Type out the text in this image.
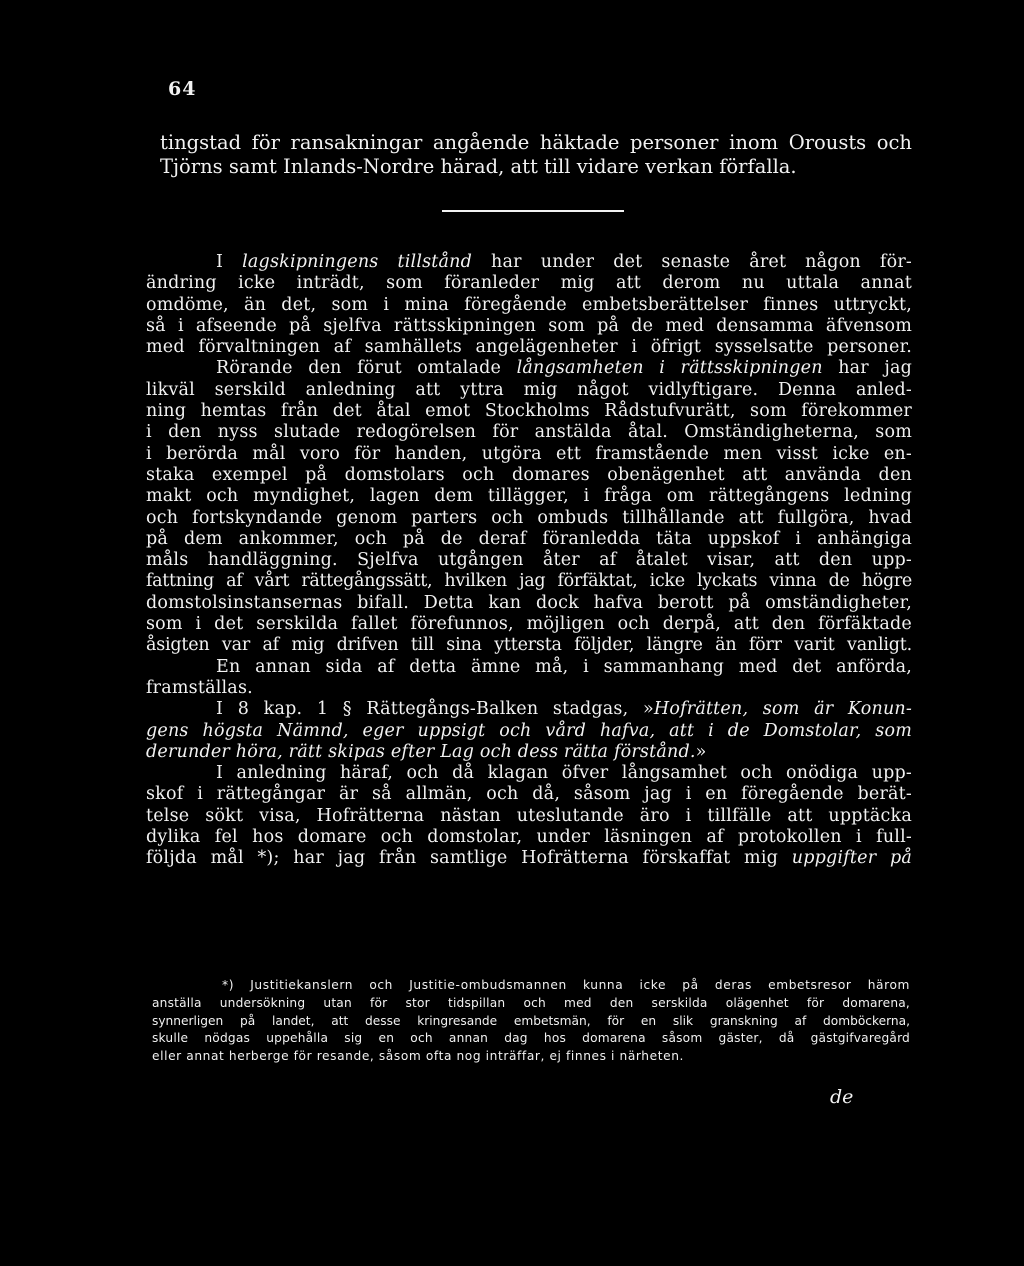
64
tingstad för ransakningar angående häktade personer inom Orousts och
Tjörns samt Inlands-Nordre härad, att till vidare verkan förfalla.
I lagskipningens tillstånd har under det senaste året någon för-
ändring icke inträdt, som föranleder mig att derom nu uttala annat
omdöme, än det, som i mina föregående embetsberättelser finnes uttryckt,
så i afseende på sjelfva rättsskipningen som på de med densamma äfvensom
med förvaltningen af samhällets angelägenheter i öfrigt sysselsatte personer.
Rörande den förut omtalade långsamheten i rättsskipningen har jag
likväl serskild anledning att yttra mig något vidlyftigare. Denna anled-
ning hemtas från det åtal emot Stockholms Rådstufvurätt, som förekommer
i den nyss slutade redogörelsen för anstälda åtal. Omständigheterna, som
i berörda mål voro för handen, utgöra ett framstående men visst icke en-
staka exempel på domstolars och domares obenägenhet att använda den
makt och myndighet, lagen dem tillägger, i fråga om rättegångens ledning
och fortskyndande genom parters och ombuds tillhållande att fullgöra, hvad
på dem ankommer, och på de deraf föranledda täta uppskof i anhängiga
måls handläggning. Sjelfva utgången åter af åtalet visar, att den upp-
fattning af vårt rättegångssätt, hvilken jag förfäktat, icke lyckats vinna de högre
domstolsinstansernas bifall. Detta kan dock hafva berott på omständigheter,
som i det serskilda fallet förefunnos, möjligen och derpå, att den förfäktade
åsigten var af mig drifven till sina yttersta följder, längre än förr varit vanligt.
En annan sida af detta ämne må, i sammanhang med det anförda,
framställas.
I 8 kap. 1 § Rättegångs-Balken stadgas, »Hofrätten, som är Konun-
gens högsta Nämnd, eger uppsigt och vård hafva, att i de Domstolar, som
derunder höra, rätt skipas efter Lag och dess rätta förstånd.»
I anledning häraf, och då klagan öfver långsamhet och onödiga upp-
skof i rättegångar är så allmän, och då, såsom jag i en föregående berät-
telse sökt visa, Hofrätterna nästan uteslutande äro i tillfälle att upptäcka
dylika fel hos domare och domstolar, under läsningen af protokollen i full-
följda mål *); har jag från samtlige Hofrätterna förskaffat mig uppgifter på
*) Justitiekanslern och Justitie-ombudsmannen kunna icke på deras embetsresor härom
anställa undersökning utan för stor tidspillan och med den serskilda olägenhet för domarena,
synnerligen på landet, att desse kringresande embetsmän, för en slik granskning af domböckerna,
skulle nödgas uppehålla sig en och annan dag hos domarena såsom gäster, då gästgifvaregård
eller annat herberge för resande, såsom ofta nog inträffar, ej finnes i närheten.
de
